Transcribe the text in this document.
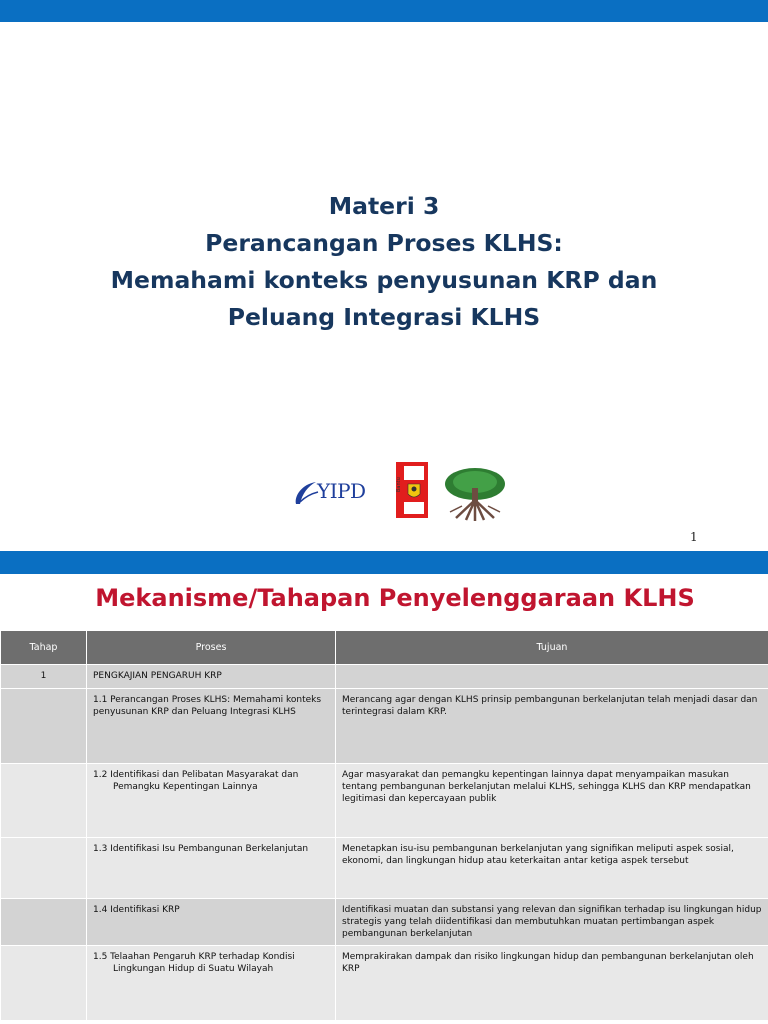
Materi 3
Perancangan Proses KLHS:
Memahami konteks penyusunan KRP dan
Peluang Integrasi KLHS
YIPD	Bantu
1
Mekanisme/Tahapan Penyelenggaraan KLHS
Tahap	Proses	Tujuan
1	PENGKAJIAN PENGARUH KRP	
	1.1 Perancangan Proses KLHS: Memahami konteks penyusunan KRP dan Peluang Integrasi KLHS	Merancang agar dengan KLHS prinsip pembangunan berkelanjutan telah menjadi dasar dan terintegrasi dalam KRP.
	1.2 Identifikasi dan Pelibatan Masyarakat dan
Pemangku Kepentingan Lainnya	Agar masyarakat dan pemangku kepentingan lainnya dapat menyampaikan masukan tentang pembangunan berkelanjutan melalui KLHS, sehingga KLHS dan KRP mendapatkan legitimasi dan kepercayaan publik
	1.3 Identifikasi Isu Pembangunan Berkelanjutan	Menetapkan isu-isu pembangunan berkelanjutan yang signifikan meliputi aspek sosial, ekonomi, dan lingkungan hidup atau keterkaitan antar ketiga aspek tersebut
	1.4 Identifikasi KRP	Identifikasi muatan dan substansi yang relevan dan signifikan terhadap isu lingkungan hidup strategis yang telah diidentifikasi dan membutuhkan muatan pertimbangan aspek pembangunan berkelanjutan
	1.5 Telaahan Pengaruh KRP terhadap Kondisi
Lingkungan Hidup di Suatu Wilayah	Memprakirakan dampak dan risiko lingkungan hidup dan pembangunan berkelanjutan oleh KRP
